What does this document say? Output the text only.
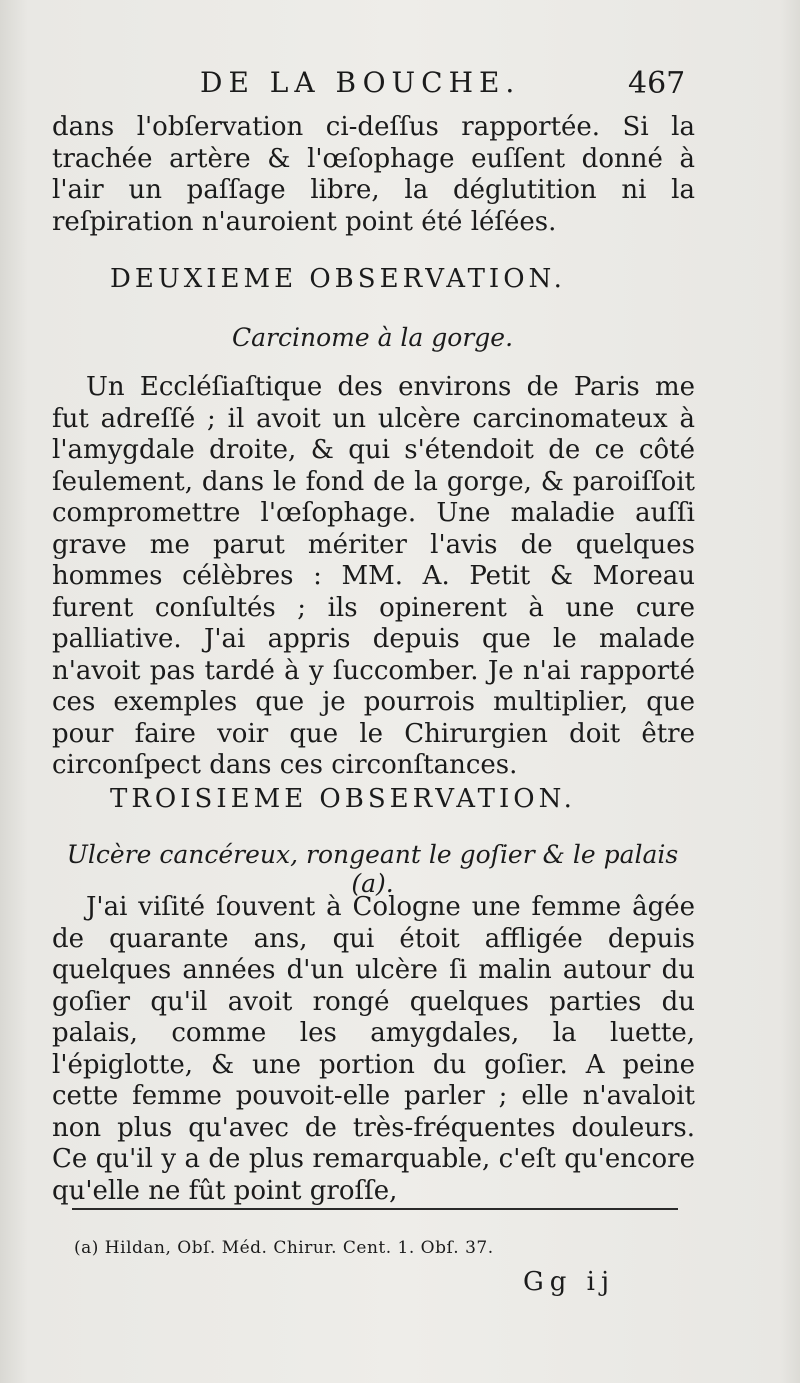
DE LA BOUCHE.	467

dans l'obſervation ci-deſſus rapportée. Si la trachée artère & l'œſophage euſſent donné à l'air un paſſage libre, la déglutition ni la reſpiration n'auroient point été léſées.

DEUXIEME OBSERVATION.
Carcinome à la gorge.

Un Eccléſiaſtique des environs de Paris me fut adreſſé ; il avoit un ulcère carcinomateux à l'amygdale droite, & qui s'étendoit de ce côté ſeulement, dans le fond de la gorge, & paroiſſoit compromettre l'œſophage. Une maladie auſſi grave me parut mériter l'avis de quelques hommes célèbres : MM. A. Petit & Moreau furent conſultés ; ils opinerent à une cure palliative. J'ai appris depuis que le malade n'avoit pas tardé à y ſuccomber. Je n'ai rapporté ces exemples que je pourrois multiplier, que pour faire voir que le Chirurgien doit être circonſpect dans ces circonſtances.

TROISIEME OBSERVATION.
Ulcère cancéreux, rongeant le goſier & le palais (a).

J'ai viſité ſouvent à Cologne une femme âgée de quarante ans, qui étoit affligée depuis quelques années d'un ulcère ſi malin autour du goſier qu'il avoit rongé quelques parties du palais, comme les amygdales, la luette, l'épiglotte, & une portion du goſier. A peine cette femme pouvoit-elle parler ; elle n'avaloit non plus qu'avec de très-fréquentes douleurs. Ce qu'il y a de plus remarquable, c'eſt qu'encore qu'elle ne fût point groſſe,

(a) Hildan, Obſ. Méd. Chirur. Cent. 1. Obſ. 37.
Gg ij
